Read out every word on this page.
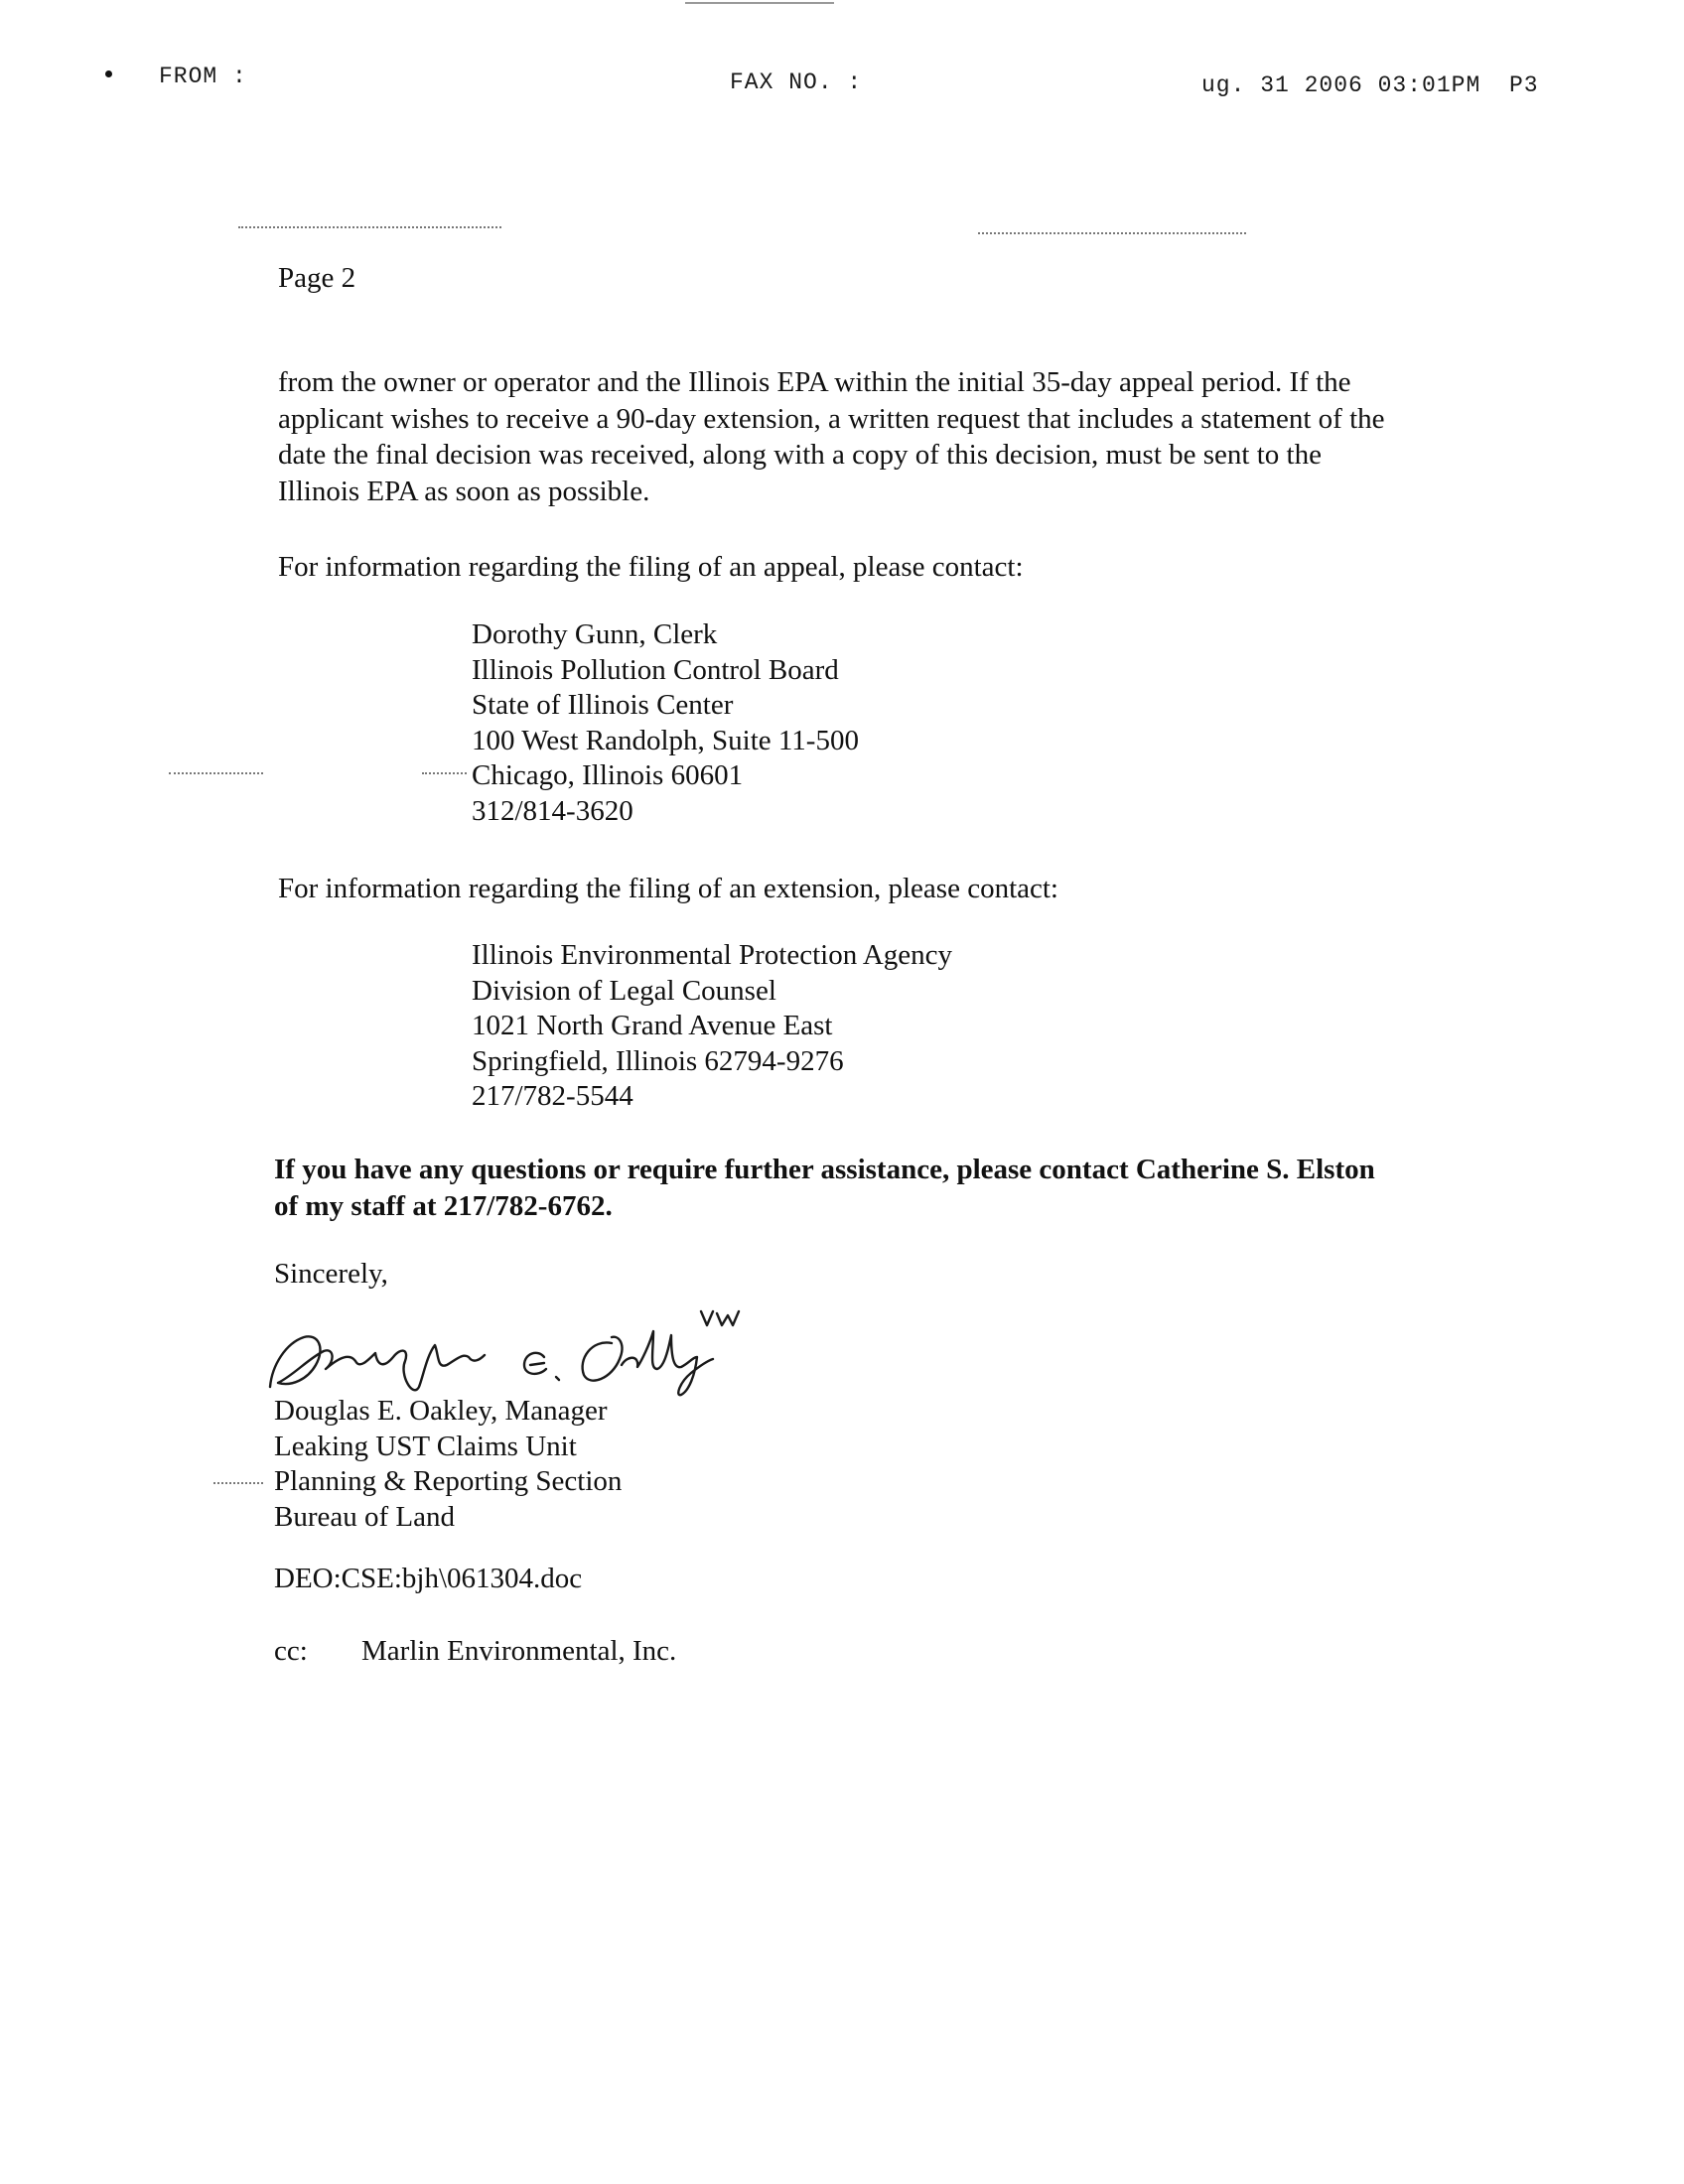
FROM :	FAX NO. :	ug. 31 2006 03:01PM P3
Page 2
from the owner or operator and the Illinois EPA within the initial 35-day appeal period. If the
applicant wishes to receive a 90-day extension, a written request that includes a statement of the
date the final decision was received, along with a copy of this decision, must be sent to the
Illinois EPA as soon as possible.
For information regarding the filing of an appeal, please contact:
Dorothy Gunn, Clerk
Illinois Pollution Control Board
State of Illinois Center
100 West Randolph, Suite 11-500
Chicago, Illinois 60601
312/814-3620
For information regarding the filing of an extension, please contact:
Illinois Environmental Protection Agency
Division of Legal Counsel
1021 North Grand Avenue East
Springfield, Illinois 62794-9276
217/782-5544
If you have any questions or require further assistance, please contact Catherine S. Elston
of my staff at 217/782-6762.
Sincerely,
Douglas E. Oakley, Manager
Leaking UST Claims Unit
Planning & Reporting Section
Bureau of Land
DEO:CSE:bjh\061304.doc
cc: Marlin Environmental, Inc.
